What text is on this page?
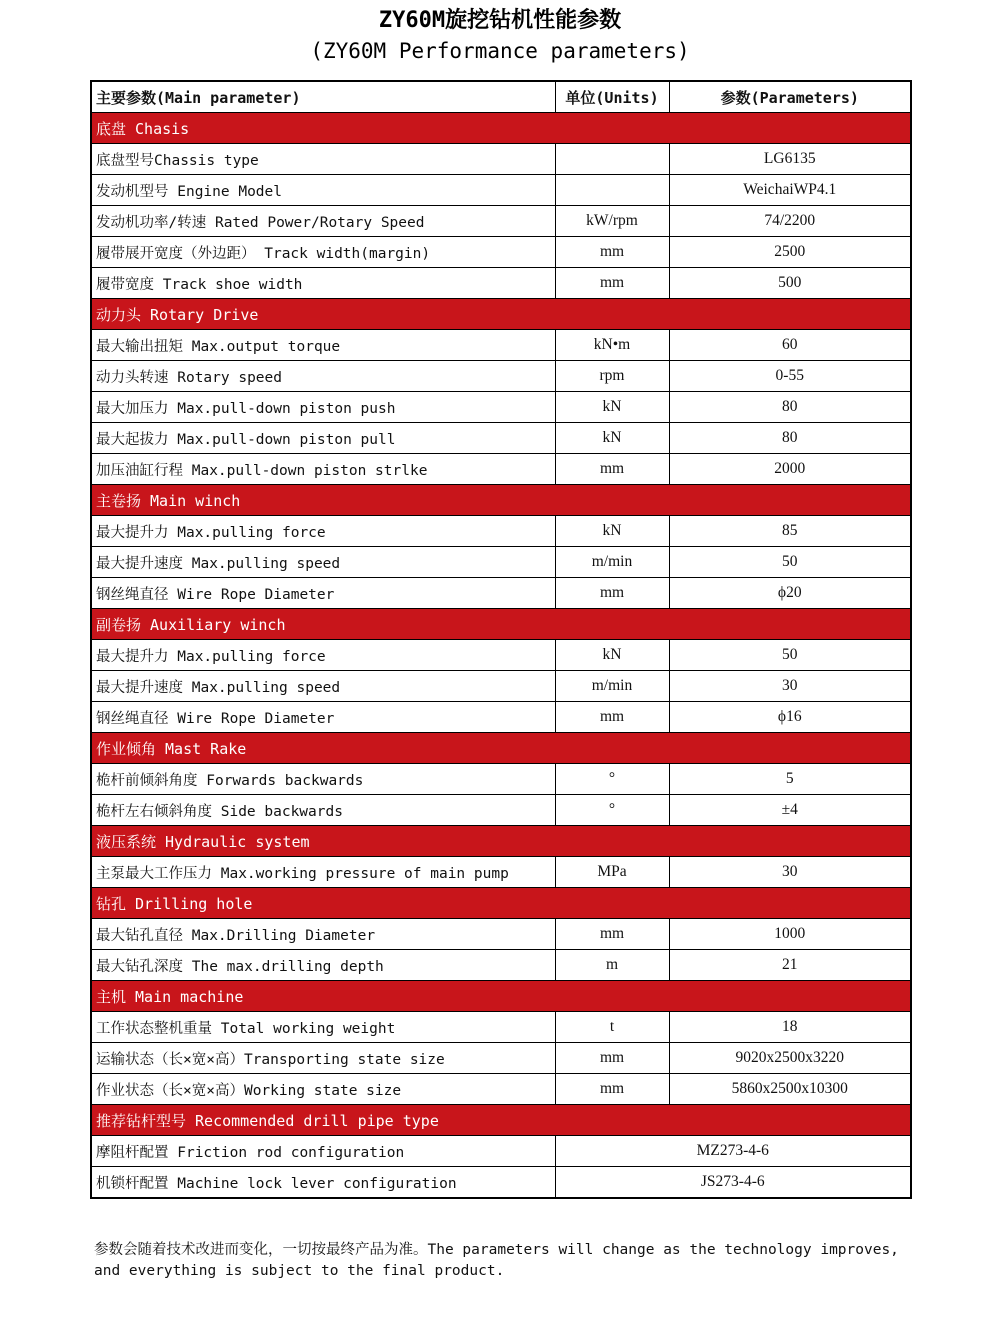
ZY60M旋挖钻机性能参数
(ZY60M Performance parameters)
主要参数(Main parameter)	单位(Units)	参数(Parameters)
底盘 Chasis		
底盘型号Chassis type		LG6135
发动机型号 Engine Model		WeichaiWP4.1
发动机功率/转速 Rated Power/Rotary Speed	kW/rpm	74/2200
履带展开宽度（外边距） Track width(margin)	mm	2500
履带宽度 Track shoe width	mm	500
动力头 Rotary Drive		
最大输出扭矩 Max.output torque	kN•m	60
动力头转速 Rotary speed	rpm	0-55
最大加压力 Max.pull-down piston push	kN	80
最大起拔力 Max.pull-down piston pull	kN	80
加压油缸行程 Max.pull-down piston strlke	mm	2000
主卷扬 Main winch		
最大提升力 Max.pulling force	kN	85
最大提升速度 Max.pulling speed	m/min	50
钢丝绳直径 Wire Rope Diameter	mm	ϕ20
副卷扬 Auxiliary winch		
最大提升力 Max.pulling force	kN	50
最大提升速度 Max.pulling speed	m/min	30
钢丝绳直径 Wire Rope Diameter	mm	ϕ16
作业倾角 Mast Rake		
桅杆前倾斜角度 Forwards backwards	°	5
桅杆左右倾斜角度 Side backwards	°	±4
液压系统 Hydraulic system		
主泵最大工作压力 Max.working pressure of main pump	MPa	30
钻孔 Drilling hole		
最大钻孔直径 Max.Drilling Diameter	mm	1000
最大钻孔深度 The max.drilling depth	m	21
主机 Main machine		
工作状态整机重量 Total working weight	t	18
运输状态（长×宽×高）Transporting state size	mm	9020x2500x3220
作业状态（长×宽×高）Working state size	mm	5860x2500x10300
推荐钻杆型号 Recommended drill pipe type		
摩阻杆配置 Friction rod configuration	MZ273-4-6	
机锁杆配置 Machine lock lever configuration	JS273-4-6	
参数会随着技术改进而变化，一切按最终产品为准。The parameters will change as the technology improves, and everything is subject to the final product.
